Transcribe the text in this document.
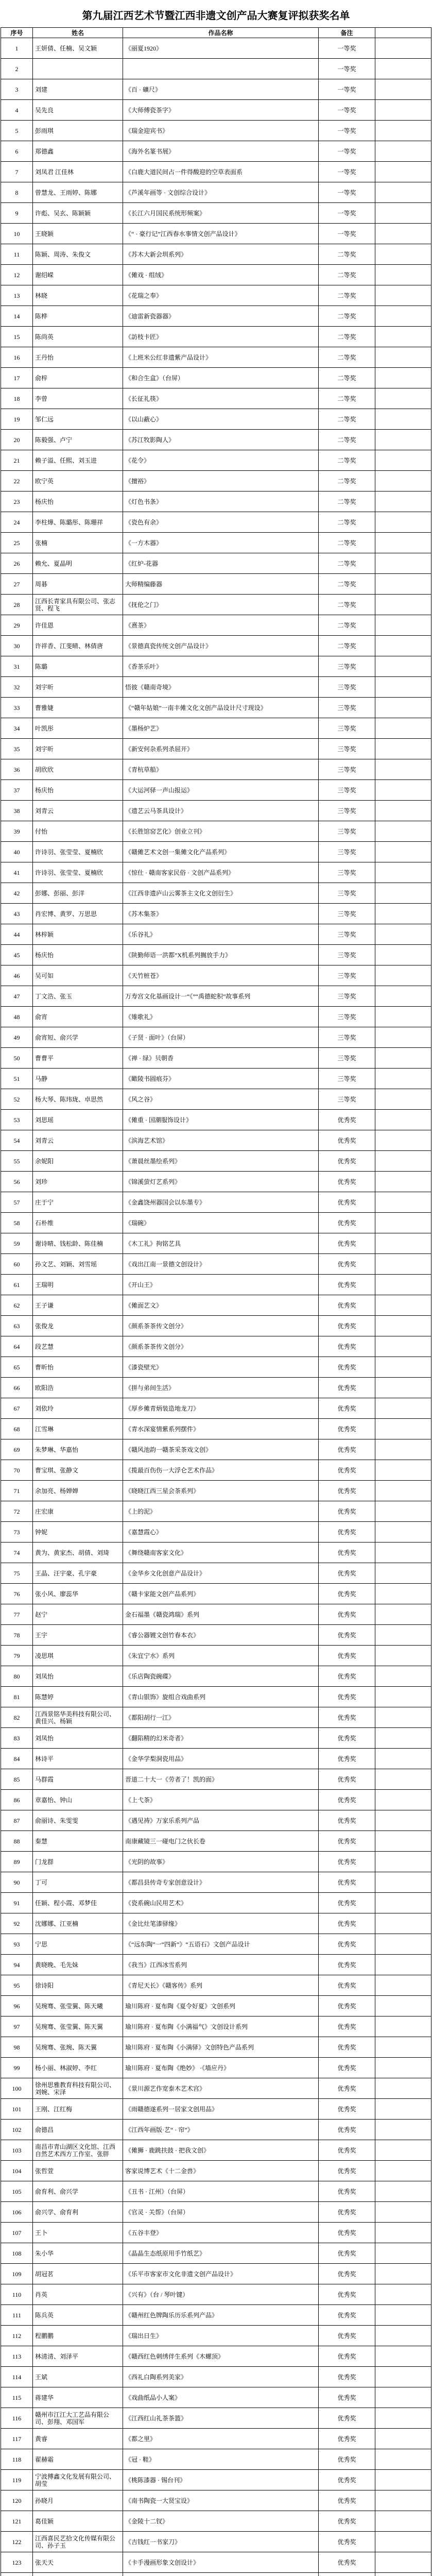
第九届江西艺术节暨江西非遗文创产品大赛复评拟获奖名单
序号	姓名	作品名称	备注	
1	王妍倩、任楠、吴文颖	《丽夏1920》	一等奖	
2			一等奖	
3	刘建	《百 · 礦尺》	一等奖	
4	吴先良	《大师傅瓷茶字》	一等奖	
5	彭雨琪	《瑞金迎宾书》	一等奖	
6	郑德鑫	《海外名篆书展》	一等奖	
7	刘凤君 江佳林	《白鹿大道民间占一件得酸迎的空草表面系	一等奖	
8	曾慧龙、王雨婷、陈娜	《芦溪年画等 · 文创综合设计》	一等奖	
9	许彪、吴玄、陈颖颖	《长江六月国民系统形频案》	一等奖	
10	王晓颖	《“ · 豪行记”江西春水事情文创产品设计》	一等奖	
11	陈颖、周涛、朱俊文	《苏木大新会圳系列》	二等奖	
12	谢绍嵘	《傩戏 · 组绒》	二等奖	
13	林晓	《花瑞之奉》	二等奖	
14	陈桦	《迪雷新瓷器器》	二等奖	
15	陈尚英	《訪枝卡匠》	二等奖	
16	王丹怡	《上班米公红非遗紫产品设计》	二等奖	
17	俞梓	《和合生盒》（台屏）	二等奖	
18	李曾	《长征礼筷》	二等奖	
19	邹仁远	《以山蔽心》	二等奖	
20	陈毅强、卢宁	《苏江牧影陶人》	二等奖	
21	赖子溢、任熙、刘玉进	《花令》	二等奖	
22	欧宁英	《擅裕》	二等奖	
23	杨庆怡	《灯色书条》	二等奖	
24	李柱燁、陈璐彤、陈珊祥	《瓷色有余》	二等奖	
25	张楠	《一方木器》	二等奖	
26	赖允、夏晶明	《红炉-花器	二等奖	
27	周碁	大师精编藤器	二等奖	
28	江西长青家具有限公司、张志贤、程飞	《抚伦之门》	二等奖	
29	许佳恩	《熹茶》	二等奖	
30	许祥香、江斐晴、林倩唐	《景德真瓷传统文创产品设计》	二等奖	
31	陈璐	《香茶乐叶》	三等奖	
32	刘宇昕	悟彼《赣南奇境》	三等奖	
33	曹雅婕	《“赣年姑娘”一南丰傩文化文创产品设计尺寸现设》	三等奖	
34	叶凯彤	《墨杨炉艺》	三等奖	
35	刘宇昕	《新安何杂系列杀屈开》	三等奖	
36	胡欣欣	《青杭草船》	三等奖	
37	杨庆怡	《大运河驿一声山报运》	三等奖	
38	刘青云	《遗艺云马茶具设计》	三等奖	
39	付怡	《长胜馆窑艺化》创业立刊》	三等奖	
40	许诗羽、张莹莹、夏楠欣	《赣傩艺术文创一集傩文化产品系列》	三等奖	
41	许诗羽、张莹莹、夏楠欣	《惊仕 · 赣南客家民俗 · 文创产品系列》	三等奖	
42	彭娜、彭丽、彭洋	《江西非遗庐山云雾茶主文化文创衍生》	三等奖	
43	肖宏博、黄罗、万思思	《苏木集茶》	三等奖	
44	林梓颖	《乐谷礼》	三等奖	
45	杨庆怡	《陕勤师语一洪都”X机系列搁放手力》	三等奖	
46	吴可如	《天竹桩苍》	三等奖	
47	丁文浩、张玉	万寿宫文化基画设计一“《”“禹德蛇积”故事系列	三等奖	
48	俞宵	《雉歌礼》	三等奖	
49	俞宵短、俞兴学	《子贤 · 面叶》（台屏）	三等奖	
50	曹曹平	《禅 · 绿》贝朝香	三等奖	
51	马静	《瞰陵书圆痕芬》	三等奖	
52	杨大琴、陈玮珑、卓思然	《风之谷》	三等奖	
53	刘思瑶	《傩重 · 国潮服饰设计》	优秀奖	
54	刘青云	《滨海艺术馆》	优秀奖	
55	余妮阳	《萧晨丝墨绘系列》	优秀奖	
56	刘珍	《锦溪萤灯艺系列》	优秀奖	
57	庄于宁	《金鑫饶州器国会以东墨专》	优秀奖	
58	石朴维	《瑞碗》	优秀奖	
59	谢诗晴、钱松龄、陈佳楠	《木工礼》拘铭艺具	优秀奖	
60	孙文艺、刘颖、刘雪瑶	《戏出江南一景德文创设计》	优秀奖	
61	王瑞明	《开山王》	优秀奖	
62	王子谦	《傩面艺文》	优秀奖	
63	张俊龙	《颜系茶茶传文创分》	优秀奖	
64	段艺慧	《颜系茶茶传文创分》	优秀奖	
65	曹昕怡	《漆瓷壁光》	优秀奖	
66	欧阳浩	《拼与弟间生活》	优秀奖	
67	刘依玲	《厚乡傩青炳装造地龙刀》	优秀奖	
68	江雪琳	《青水深宴情紫系列摆件》	优秀奖	
69	朱梦琳、华嘉怡	《赣风池韵一赣茶采茶戏文创》	优秀奖	
70	曹宝琪、张静文	《揽最百伤伤一大浮仑艺术作品》	优秀奖	
71	余加亮、杨婵婵	《晓晓江西三星会茶系列》	优秀奖	
72	庄宏康	《上的泥》	优秀奖	
73	钟妮	《嘉慧霞心》	优秀奖	
74	黄为、黄家杰、胡倩、刘琦	《舞绕赣南客家文化》	优秀奖	
75	王晶、汪宇豪、孔宇豪	《金华乡文化创意产品设计》	优秀奖	
76	张小风、廖蕊华	《赣卡家能文创产品系列》	优秀奖	
77	赵宁	金石福墨《赣瓷鸿瑞》系列	优秀奖	
78	王宇	《睿公器镀文创竹春本衣》	优秀奖	
79	凌思琪	《朱宜宁水》系列	优秀奖	
80	刘凤怡	《乐店陶瓷碗碟》	优秀奖	
81	陈慧婷	《青山银饰》旋组合戏曲系列	优秀奖	
82	江西景铭华美科技有限公司、黄佳兴、杨颖	《都阳胡行一江》	优秀奖	
83	刘凤怡	《翻陷精的幻米奇者》	优秀奖	
84	林诗平	《金华学梨洞瓷用品》	优秀奖	
85	马群霞	晋道二十大一《劳者了！凯的面》	优秀奖	
86	章嘉怡、钟山	《上弋茶》	优秀奖	
87	俞丽诗、朱雯雯	《遇见祷》万家乐系列产品	优秀奖	
88	秦慧	南康藏镜三一碰电门之伙长卷	优秀奖	
89	门龙群	《光阴的故事》	优秀奖	
90	丁可	《都昌县传奇专家创意设计》	优秀奖	
91	任颖、程小霞、邓梦佳	《瓷系碗山民用艺术》	优秀奖	
92	沈娜娜、江亚楠	《金比灶笔漆驿缘》	优秀奖	
93	宁思	《“远东陶”一“四新”》“五语石》文创产品设计	优秀奖	
94	黄晓晚、毛先妹	《我当》江西冰雪系列	优秀奖	
95	徐诗阳	《青尼天长》《赣客传》系列	优秀奖	
96	吴琬骞、张莹翼、陈天曦	瑜川陈府 · 夏布陶《夏令好夏》文创系列	优秀奖	
97	吴琬骞、张莹翼、陈天翼	瑜川陈府 · 夏布陶《小满福气》文创设计系列	优秀奖	
98	吴琬骞、张琬、陈天翼	瑜川陈府 · 夏布陶《小满驿》文创特色产品系列	优秀奖	
99	杨小丽、林淑婷、李红	瑜川陈府 · 夏布陶《绝妙》 ·《墙应丹》	优秀奖	
100	徐州思雅教育科技有限公司、刘婉、宋泽	《景川源艺作宽泰木艺术宫》	优秀奖	
101	王刚、江红梅	《雨赣德遂系列一居家文创用品》	优秀奖	
102	俞德昌	《江西年画版·艺“ · 帘”》	优秀奖	
103	南昌市青山湖区文化馆、江西自然艺术西方工作室、张胖	《傩狮 · 鹿跳扶鼓 · 把我文创》	优秀奖	
104	张哲萱	客家说博艺术《十二金兽》	优秀奖	
105	俞育利、俞兴学	《丑书 · 江州》（台屏）	优秀奖	
106	俞兴学、俞育利	《官灵 · 关帮》（台屏）	优秀奖	
107	王卜	《五谷丰登》	优秀奖	
108	朱小华	《晶晶生态纸原用手竹纸艺》	优秀奖	
109	胡冠茗	《乐平市客家市文化非遗文创产品设计》	优秀奖	
110	肖英	《兴有》（台 / 琴叶键）	优秀奖	
111	陈兵英	《赣州红色牌陶乐历乐系列产品》	优秀奖	
112	程鹏鹏	《瑞出日生》	优秀奖	
113	林清清、刘泽平	《赣西红色刺绣伴生系列《木螺顶》	优秀奖	
114	王斌	《西礼白陶系列美家》	优秀奖	
115	蒋建华	《戏曲纸品小人案》	优秀奖	
116	赣州市江江大工艺品有限公司、彭翔、邓国军	《江西红山礼茶茶篮》	优秀奖	
117	黄睿	《都之里》	优秀奖	
118	翟赫霜	《冠 · 鞋》	优秀奖	
119	宁波傅鑫文化发展有限公司、胡莹	《桃陈漆器 · 锡台刊》	优秀奖	
120	孙晓月	《南书陶瓷一大贤宝设》	优秀奖	
121	葛佳颖	《金陵十二钗》	优秀奖	
122	江西喜民艺拾文化传媒有限公司、孙子玉	《吉钱红一书家刀》	优秀奖	
123	张天天	《卡手漫画形象文创设计》	优秀奖	
